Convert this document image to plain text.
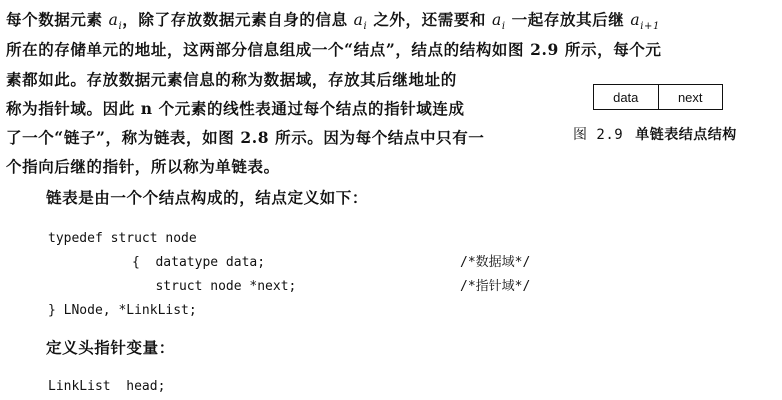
每个数据元素 $a_i$，除了存放数据元素自身的信息 $a_i$ 之外，还需要和 $a_i$ 一起存放其后继 $a_{i+1}$
所在的存储单元的地址，这两部分信息组成一个“结点”，结点的结构如图 2.9 所示，每个元
素都如此。存放数据元素信息的称为数据域，存放其后继地址的
称为指针域。因此 n 个元素的线性表通过每个结点的指针域连成
了一个“链子”，称为链表，如图 2.8 所示。因为每个结点中只有一
个指向后继的指针，所以称为单链表。
链表是由一个个结点构成的，结点定义如下：
typedef struct node
{  datatype data;
struct node *next;
} LNode, *LinkList;
/*数据域*/
/*指针域*/
定义头指针变量：
LinkList  head;
data	next
图 2.9 单链表结点结构
